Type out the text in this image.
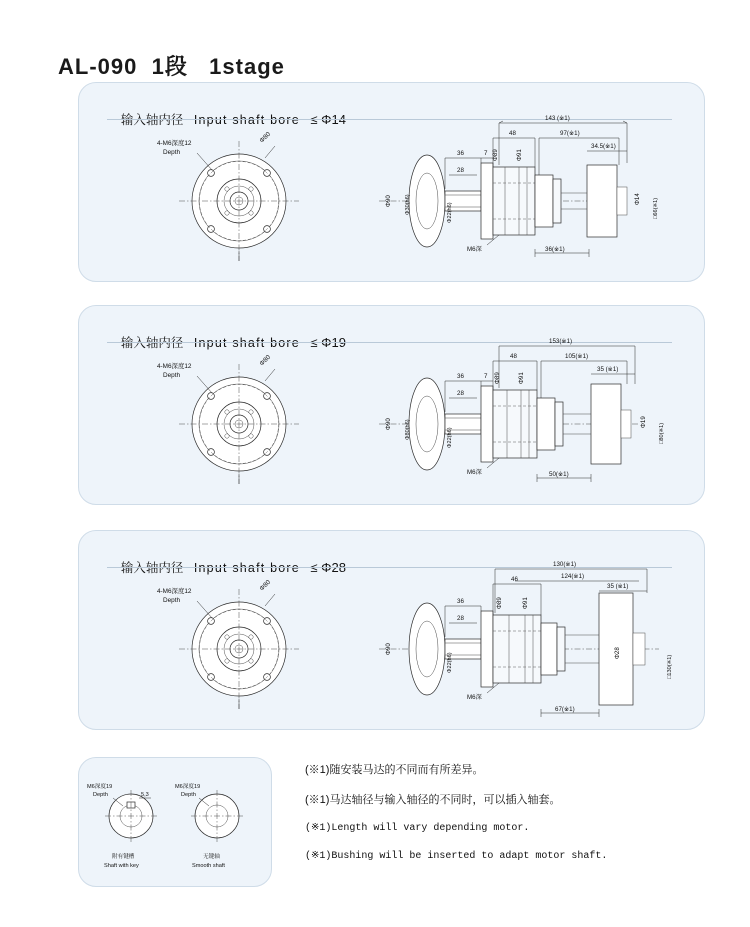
AL-090  1段   1stage

输入轴内径 Input shaft bore ≤ Φ14

4-M6深度12
Depth
Φ80
Φ90 Φ30(h6)	Φ14 □66(※1)
143 (※1)
48	97(※1)
34.5(※1)
36	7
28
Φ89	Φ91
Φ22(h6)
M6深	36(※1)

输入轴内径 Input shaft bore ≤ Φ19

4-M6深度12
Depth
Φ80
Φ90 Φ80(h6)	Φ19
□80(※1)
153(※1)
48	105(※1)
35 (※1)
36	7
28
Φ89	Φ91
Φ22(h6)
M6深	50(※1)

输入轴内径 Input shaft bore ≤ Φ28

4-M6深度12
Depth
Φ80
Φ90	Φ28
□130(※1)
130(※1)
46	124(※1)
35 (※1)
36
28
Φ89	Φ91
Φ22(h6)
M6深
67(※1)
5,3
M6深度19
Depth
附有键槽
Shaft with key
M6深度19
Depth
无键轴
Smooth shaft
(※1)随安装马达的不同而有所差异。
(※1)马达轴径与输入轴径的不同时，可以插入轴套。
(※1)Length will vary depending motor.
(※1)Bushing will be inserted to adapt motor shaft.
